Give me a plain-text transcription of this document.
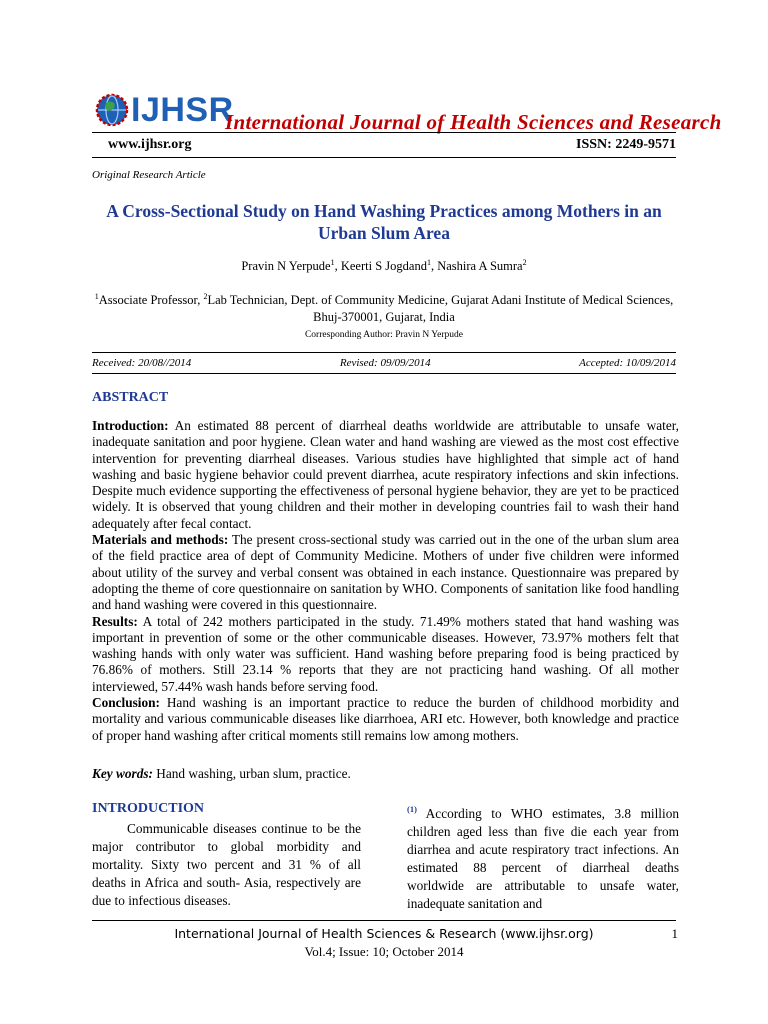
IJHSR
International Journal of Health Sciences and Research
www.ijhsr.org	ISSN: 2249-9571
Original Research Article
A Cross-Sectional Study on Hand Washing Practices among Mothers in an Urban Slum Area
Pravin N Yerpude$^1$, Keerti S Jogdand$^1$, Nashira A Sumra$^2$
$^1$Associate Professor, $^2$Lab Technician, Dept. of Community Medicine, Gujarat Adani Institute of Medical Sciences, Bhuj-370001, Gujarat, India
Corresponding Author: Pravin N Yerpude
Received: 20/08//2014	Revised: 09/09/2014	Accepted: 10/09/2014
ABSTRACT

Introduction: An estimated 88 percent of diarrheal deaths worldwide are attributable to unsafe water, inadequate sanitation and poor hygiene. Clean water and hand washing are viewed as the most cost effective intervention for preventing diarrheal diseases. Various studies have highlighted that simple act of hand washing and basic hygiene behavior could prevent diarrhea, acute respiratory infections and skin infections. Despite much evidence supporting the effectiveness of personal hygiene behavior, they are yet to be practiced widely. It is observed that young children and their mother in developing countries fail to wash their hand adequately after fecal contact.

Materials and methods: The present cross-sectional study was carried out in the one of the urban slum area of the field practice area of dept of Community Medicine. Mothers of under five children were informed about utility of the survey and verbal consent was obtained in each instance. Questionnaire was prepared by adopting the theme of core questionnaire on sanitation by WHO. Components of sanitation like food handling and hand washing were covered in this questionnaire.

Results: A total of 242 mothers participated in the study. 71.49% mothers stated that hand washing was important in prevention of some or the other communicable diseases. However, 73.97% mothers felt that washing hands with only water was sufficient. Hand washing before preparing food is being practiced by 76.86% of mothers. Still 23.14 % reports that they are not practicing hand washing. Of all mother interviewed, 57.44% wash hands before serving food.

Conclusion: Hand washing is an important practice to reduce the burden of childhood morbidity and mortality and various communicable diseases like diarrhoea, ARI etc. However, both knowledge and practice of proper hand washing after critical moments still remains low among mothers.

Key words: Hand washing, urban slum, practice.
INTRODUCTION

Communicable diseases continue to be the major contributor to global morbidity and mortality. Sixty two percent and 31 % of all deaths in Africa and south- Asia, respectively are due to infectious diseases.

$^{(1)}$ According to WHO estimates, 3.8 million children aged less than five die each year from diarrhea and acute respiratory tract infections. An estimated 88 percent of diarrheal deaths worldwide are attributable to unsafe water, inadequate sanitation and

International Journal of Health Sciences & Research (www.ijhsr.org)	1
Vol.4; Issue: 10; October 2014
